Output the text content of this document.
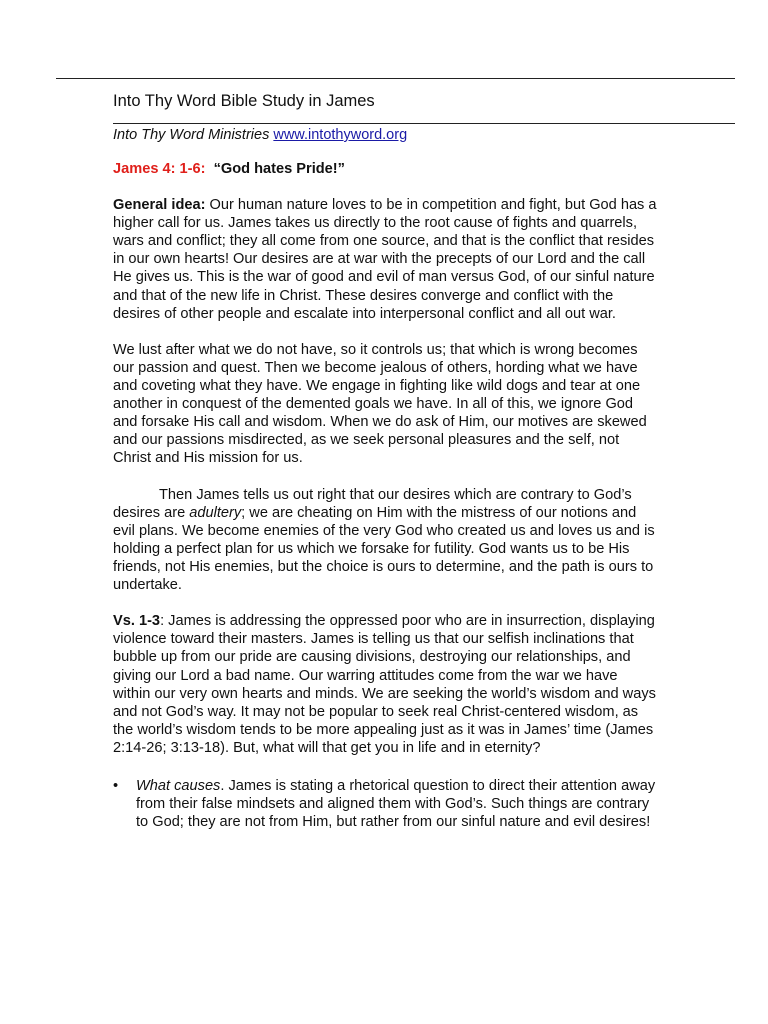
Into Thy Word Bible Study in James
Into Thy Word Ministries www.intothyword.org

James 4: 1-6: “God hates Pride!”

General idea: Our human nature loves to be in competition and fight, but God has a higher call for us. James takes us directly to the root cause of fights and quarrels, wars and conflict; they all come from one source, and that is the conflict that resides in our own hearts! Our desires are at war with the precepts of our Lord and the call He gives us. This is the war of good and evil of man versus God, of our sinful nature and that of the new life in Christ. These desires converge and conflict with the desires of other people and escalate into interpersonal conflict and all out war.

We lust after what we do not have, so it controls us; that which is wrong becomes our passion and quest. Then we become jealous of others, hording what we have and coveting what they have. We engage in fighting like wild dogs and tear at one another in conquest of the demented goals we have. In all of this, we ignore God and forsake His call and wisdom. When we do ask of Him, our motives are skewed and our passions misdirected, as we seek personal pleasures and the self, not Christ and His mission for us.

Then James tells us out right that our desires which are contrary to God’s desires are adultery; we are cheating on Him with the mistress of our notions and evil plans. We become enemies of the very God who created us and loves us and is holding a perfect plan for us which we forsake for futility. God wants us to be His friends, not His enemies, but the choice is ours to determine, and the path is ours to undertake.

Vs. 1-3: James is addressing the oppressed poor who are in insurrection, displaying violence toward their masters. James is telling us that our selfish inclinations that bubble up from our pride are causing divisions, destroying our relationships, and giving our Lord a bad name. Our warring attitudes come from the war we have within our very own hearts and minds. We are seeking the world’s wisdom and ways and not God’s way. It may not be popular to seek real Christ-centered wisdom, as the world’s wisdom tends to be more appealing just as it was in James’ time (James 2:14-26; 3:13-18). But, what will that get you in life and in eternity?

•	What causes. James is stating a rhetorical question to direct their attention away from their false mindsets and aligned them with God’s. Such things are contrary to God; they are not from Him, but rather from our sinful nature and evil desires!
